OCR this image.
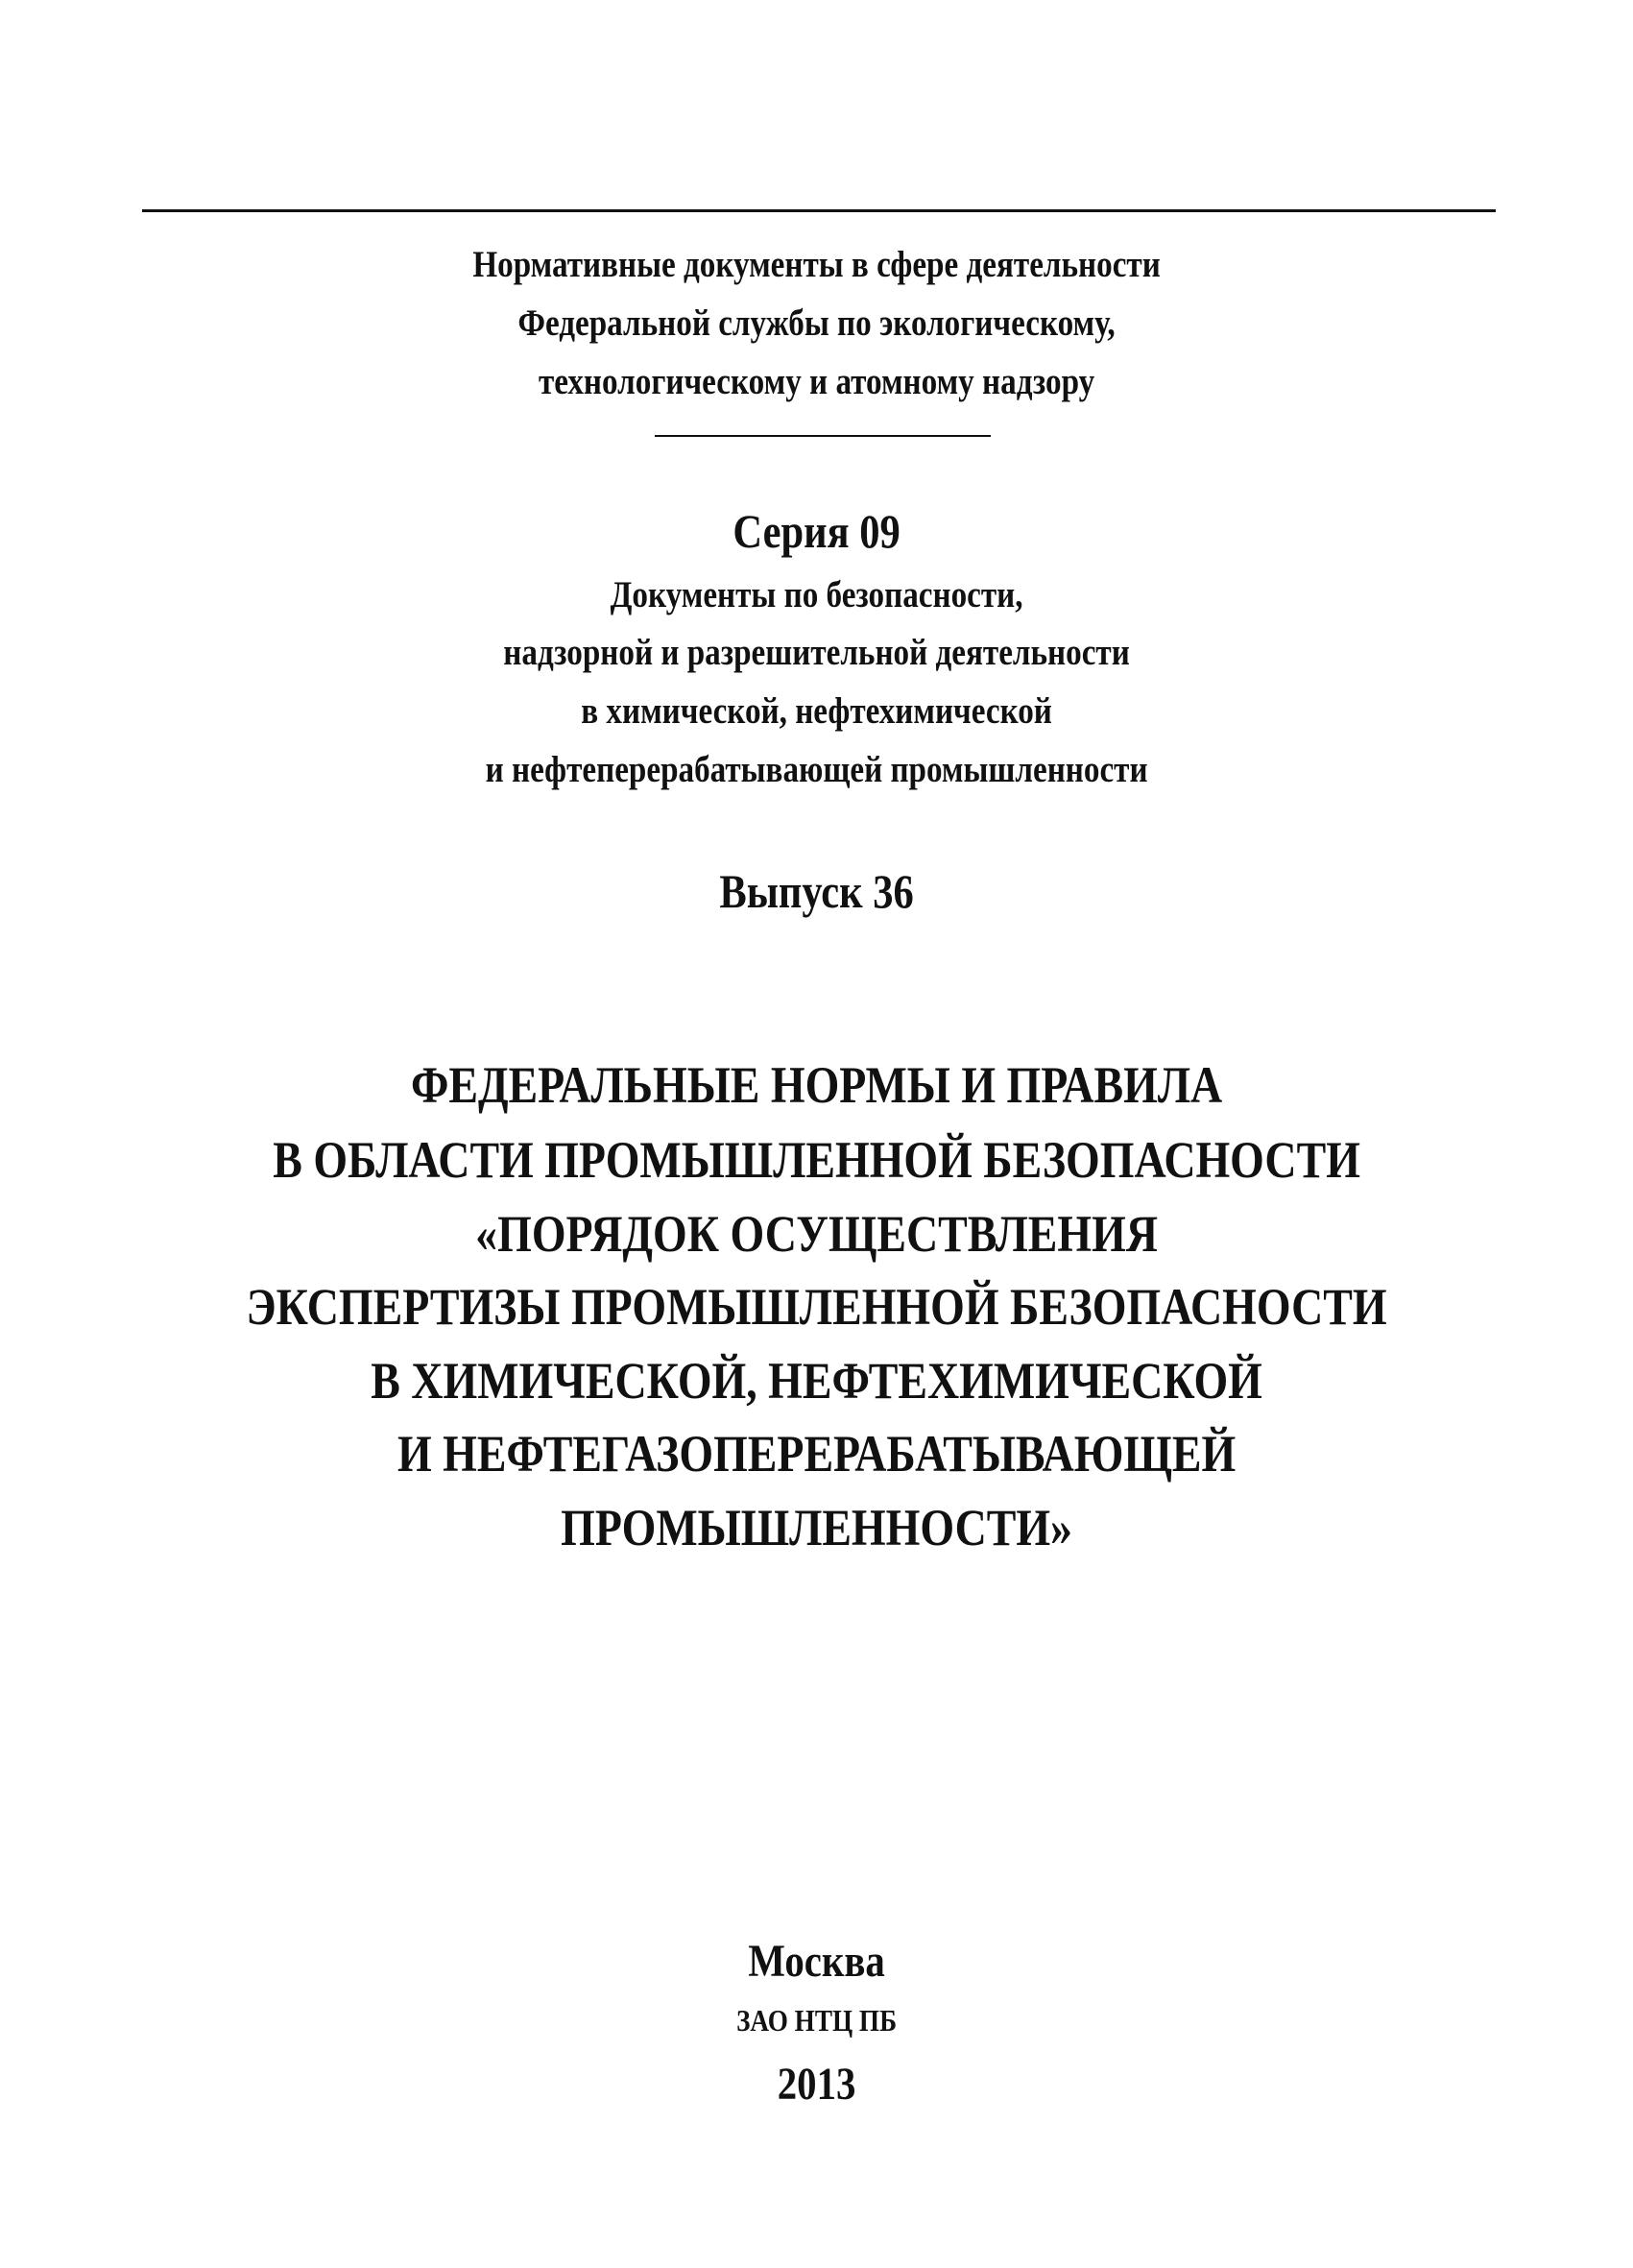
Нормативные документы в сфере деятельности
Федеральной службы по экологическому,
технологическому и атомному надзору
Серия 09
Документы по безопасности,
надзорной и разрешительной деятельности
в химической, нефтехимической
и нефтеперерабатывающей промышленности
Выпуск 36
ФЕДЕРАЛЬНЫЕ НОРМЫ И ПРАВИЛА
В ОБЛАСТИ ПРОМЫШЛЕННОЙ БЕЗОПАСНОСТИ
«ПОРЯДОК ОСУЩЕСТВЛЕНИЯ
ЭКСПЕРТИЗЫ ПРОМЫШЛЕННОЙ БЕЗОПАСНОСТИ
В ХИМИЧЕСКОЙ, НЕФТЕХИМИЧЕСКОЙ
И НЕФТЕГАЗОПЕРЕРАБАТЫВАЮЩЕЙ
ПРОМЫШЛЕННОСТИ»
Москва
ЗАО НТЦ ПБ
2013
